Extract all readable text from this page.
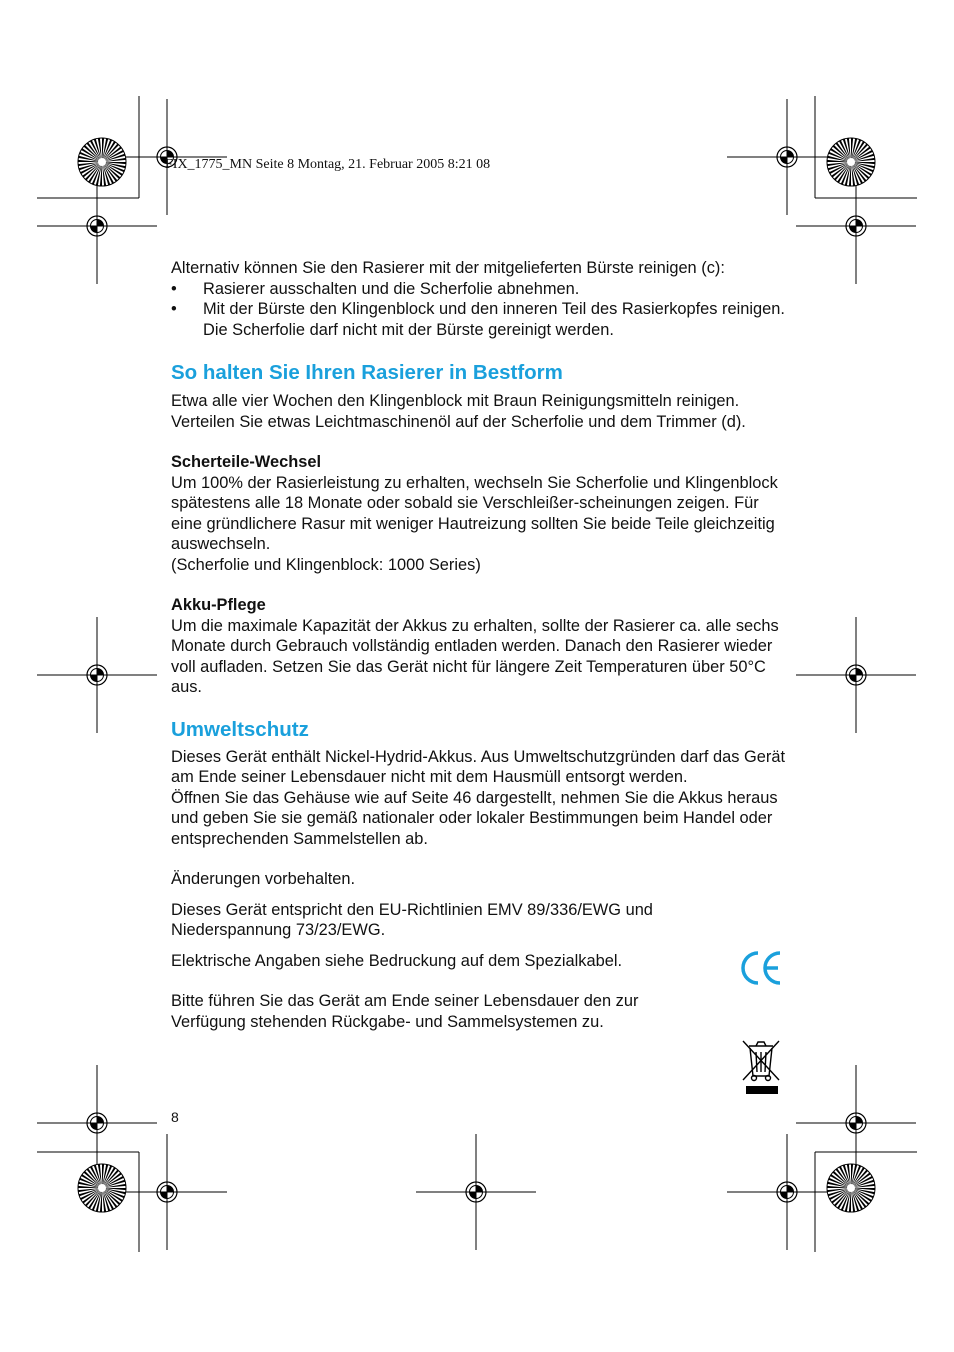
FIX_1775_MN Seite 8 Montag, 21. Februar 2005 8:21 08

Alternativ können Sie den Rasierer mit der mitgelieferten Bürste reinigen (c):

• Rasierer ausschalten und die Scherfolie abnehmen.
• Mit der Bürste den Klingenblock und den inneren Teil des Rasierkopfes reinigen. Die Scherfolie darf nicht mit der Bürste gereinigt werden.
So halten Sie Ihren Rasierer in Bestform

Etwa alle vier Wochen den Klingenblock mit Braun Reinigungsmitteln reinigen. Verteilen Sie etwas Leichtmaschinenöl auf der Scherfolie und dem Trimmer (d).

Scherteile-Wechsel

Um 100% der Rasierleistung zu erhalten, wechseln Sie Scherfolie und Klingenblock spätestens alle 18 Monate oder sobald sie Verschleißer-scheinungen zeigen. Für eine gründlichere Rasur mit weniger Hautreizung sollten Sie beide Teile gleichzeitig auswechseln.

(Scherfolie und Klingenblock: 1000 Series)

Akku-Pflege

Um die maximale Kapazität der Akkus zu erhalten, sollte der Rasierer ca. alle sechs Monate durch Gebrauch vollständig entladen werden. Danach den Rasierer wieder voll aufladen. Setzen Sie das Gerät nicht für längere Zeit Temperaturen über 50°C aus.

Umweltschutz

Dieses Gerät enthält Nickel-Hydrid-Akkus. Aus Umweltschutzgründen darf das Gerät am Ende seiner Lebensdauer nicht mit dem Hausmüll entsorgt werden.

Öffnen Sie das Gehäuse wie auf Seite 46 dargestellt, nehmen Sie die Akkus heraus und geben Sie sie gemäß nationaler oder lokaler Bestimmungen beim Handel oder entsprechenden Sammelstellen ab.

Änderungen vorbehalten.

Dieses Gerät entspricht den EU-Richtlinien EMV 89/336/EWG und Niederspannung 73/23/EWG.

Elektrische Angaben siehe Bedruckung auf dem Spezialkabel.

Bitte führen Sie das Gerät am Ende seiner Lebensdauer den zur Verfügung stehenden Rückgabe- und Sammelsystemen zu.

8
